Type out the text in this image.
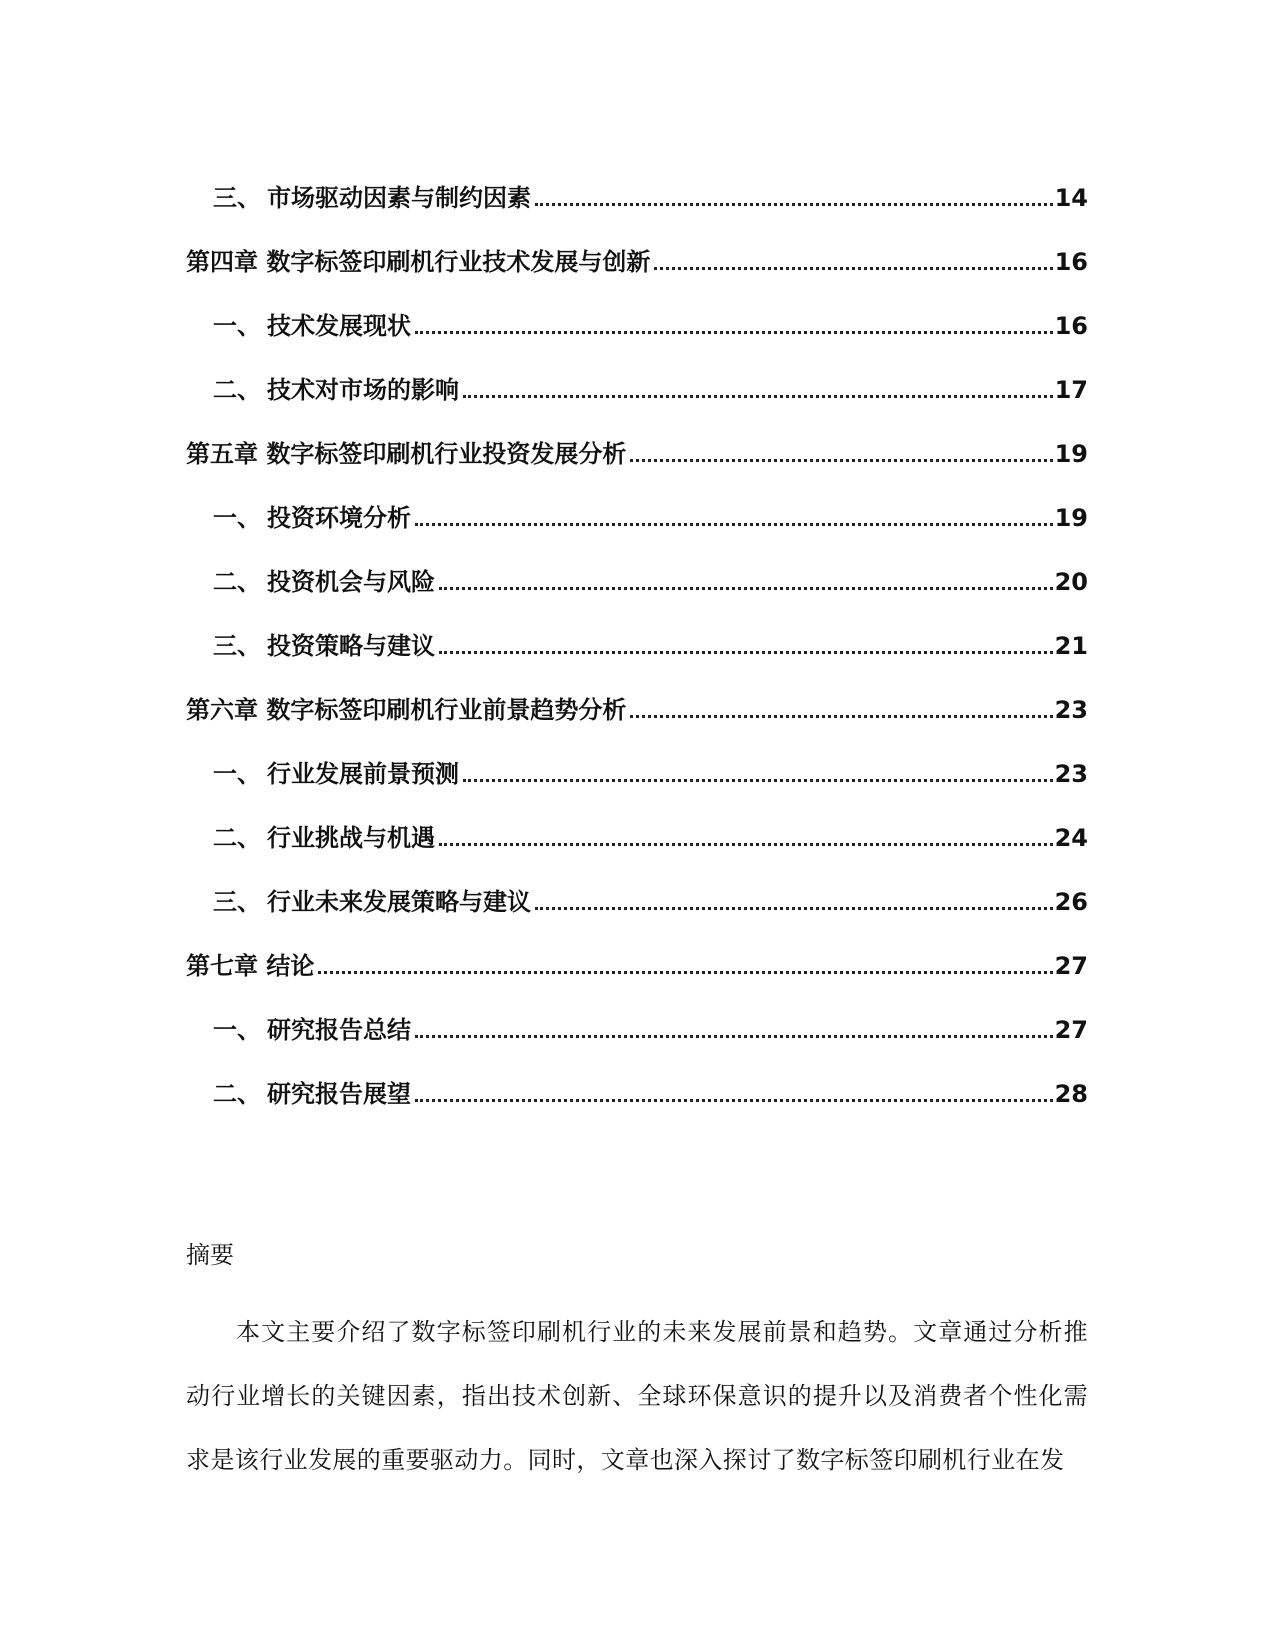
三、 市场驱动因素与制约因素	14
第四章 数字标签印刷机行业技术发展与创新	16
一、 技术发展现状	16
二、 技术对市场的影响	17
第五章 数字标签印刷机行业投资发展分析	19
一、 投资环境分析	19
二、 投资机会与风险	20
三、 投资策略与建议	21
第六章 数字标签印刷机行业前景趋势分析	23
一、 行业发展前景预测	23
二、 行业挑战与机遇	24
三、 行业未来发展策略与建议	26
第七章 结论	27
一、 研究报告总结	27
二、 研究报告展望	28
摘要

本文主要介绍了数字标签印刷机行业的未来发展前景和趋势。文章通过分析推动行业增长的关键因素，指出技术创新、全球环保意识的提升以及消费者个性化需求是该行业发展的重要驱动力。同时，文章也深入探讨了数字标签印刷机行业在发
